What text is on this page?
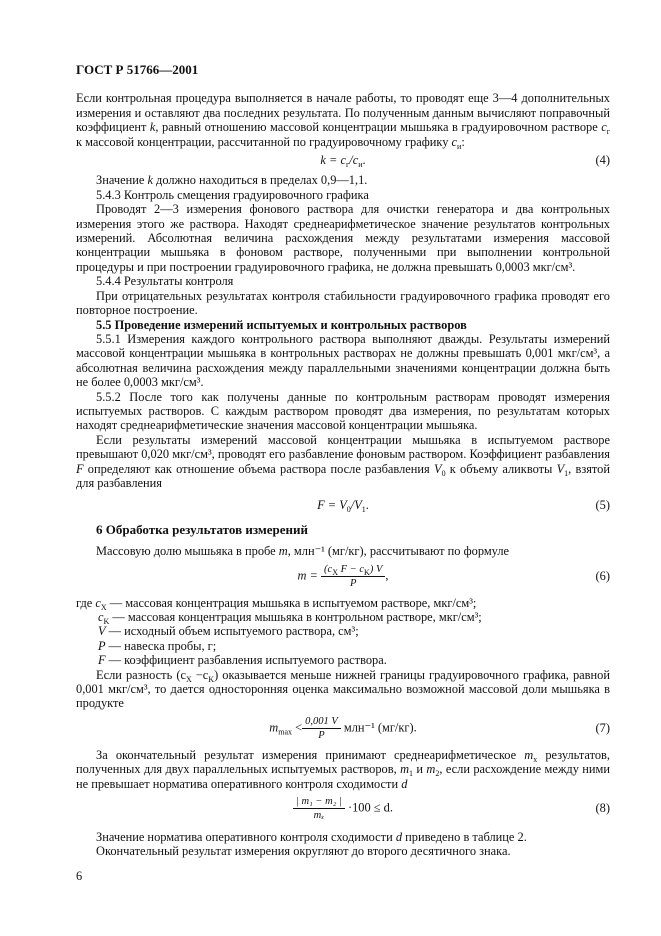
ГОСТ Р 51766—2001

Если контрольная процедура выполняется в начале работы, то проводят еще 3—4 дополнительных измерения и оставляют два последних результата. По полученным данным вычисляют поправочный коэффициент k, равный отношению массовой концентрации мышьяка в градуировочном растворе $c_г$ к массовой концентрации, рассчитанной по градуировочному графику $c_и$:

$k = c_г/c_и$.	(4)

Значение k должно находиться в пределах 0,9—1,1.

5.4.3 Контроль смещения градуировочного графика

Проводят 2—3 измерения фонового раствора для очистки генератора и два контрольных измерения этого же раствора. Находят среднеарифметическое значение результатов контрольных измерений. Абсолютная величина расхождения между результатами измерения массовой концентрации мышьяка в фоновом растворе, полученными при выполнении контрольной процедуры и при построении градуировочного графика, не должна превышать 0,0003 мкг/см³.

5.4.4 Результаты контроля

При отрицательных результатах контроля стабильности градуировочного графика проводят его повторное построение.

5.5 Проведение измерений испытуемых и контрольных растворов

5.5.1 Измерения каждого контрольного раствора выполняют дважды. Результаты измерений массовой концентрации мышьяка в контрольных растворах не должны превышать 0,001 мкг/см³, а абсолютная величина расхождения между параллельными значениями концентрации должна быть не более 0,0003 мкг/см³.

5.5.2 После того как получены данные по контрольным растворам проводят измерения испытуемых растворов. С каждым раствором проводят два измерения, по результатам которых находят среднеарифметические значения массовой концентрации мышьяка.

Если результаты измерений массовой концентрации мышьяка в испытуемом растворе превышают 0,020 мкг/см³, проводят его разбавление фоновым раствором. Коэффициент разбавления F определяют как отношение объема раствора после разбавления $V_0$ к объему аликвоты $V_1$, взятой для разбавления

$F = V_0/V_1$.	(5)
6 Обработка результатов измерений

Массовую долю мышьяка в пробе m, млн⁻¹ (мг/кг), рассчитывают по формуле

$m = \frac{(c_X F - c_K) V}{P}$ ,	(6)

где $c_X$ — массовая концентрация мышьяка в испытуемом растворе, мкг/см³;

$c_K$ — массовая концентрация мышьяка в контрольном растворе, мкг/см³;

V — исходный объем испытуемого раствора, см³;

P — навеска пробы, г;

F — коэффициент разбавления испытуемого раствора.

Если разность $(c_X -c_K)$ оказывается меньше нижней границы градуировочного графика, равной 0,001 мкг/см³, то дается односторонняя оценка максимально возможной массовой доли мышьяка в продукте

$m_{max} < \frac{0,001 V}{P} млн^{-1}$ (мг/кг).	(7)

За окончательный результат измерения принимают среднеарифметическое $m_x$ результатов, полученных для двух параллельных испытуемых растворов, $m_1$ и $m_2$, если расхождение между ними не превышает норматива оперативного контроля сходимости d

$\frac{\text{| m₁ − m₂ |}}{\text{mₓ}} \cdot 100 \le d$.	(8)

Значение норматива оперативного контроля сходимости d приведено в таблице 2.

Окончательный результат измерения округляют до второго десятичного знака.

6
